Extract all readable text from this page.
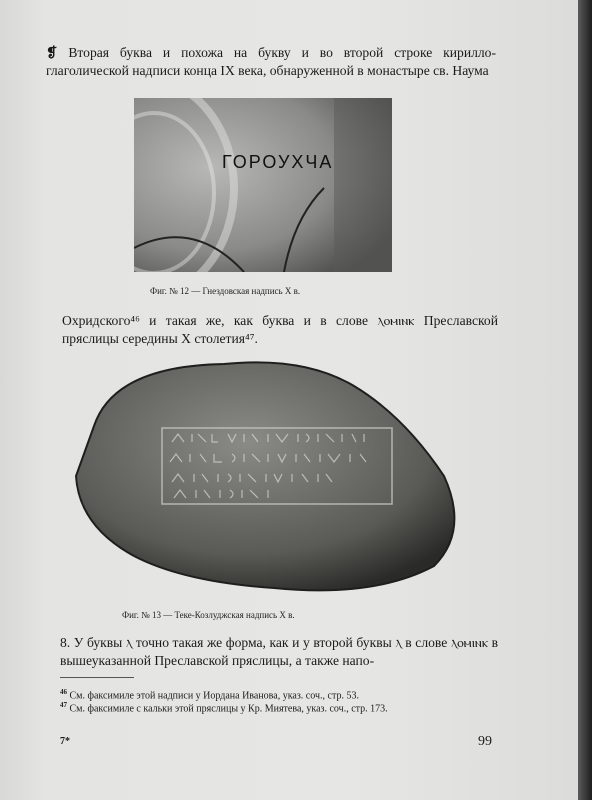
❡ Вторая буква и похожа на букву и во второй строке кирилло-глаголической надписи конца IX века, обнаруженной в монастыре св. Наума

ГОРОУХЧА
Фиг. № 12 — Гнездовская надпись X в.

Охридского⁴⁶ и такая же, как буква и в слове ⲗⲟⲙⲓⲛⲕ Преславской пряслицы середины X столетия⁴⁷.

Фиг. № 13 — Теке-Козлуджская надпись X в.

8. У буквы ⲗ точно такая же форма, как и у второй буквы ⲗ в слове ⲗⲟⲙⲓⲛⲕ в вышеуказанной Преславской пряслицы, а также напо-

$^{46}$ См. факсимиле этой надписи у Иордана Иванова, указ. соч., стр. 53.
$^{47}$ См. факсимиле с кальки этой пряслицы у Кр. Миятева, указ. соч., стр. 173.
7*	99
